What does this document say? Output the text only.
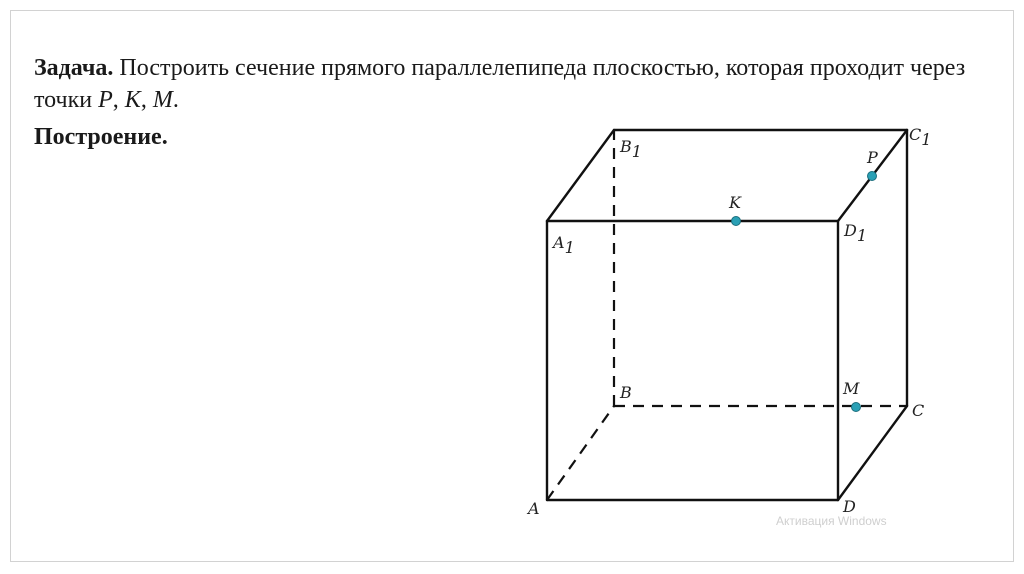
Задача. Построить сечение прямого параллелепипеда плоскостью, которая проходит через точки P, K, M.
Построение.
A
B
C
D
A1
B1
C1
D1
P
K
M
Активация Windows
